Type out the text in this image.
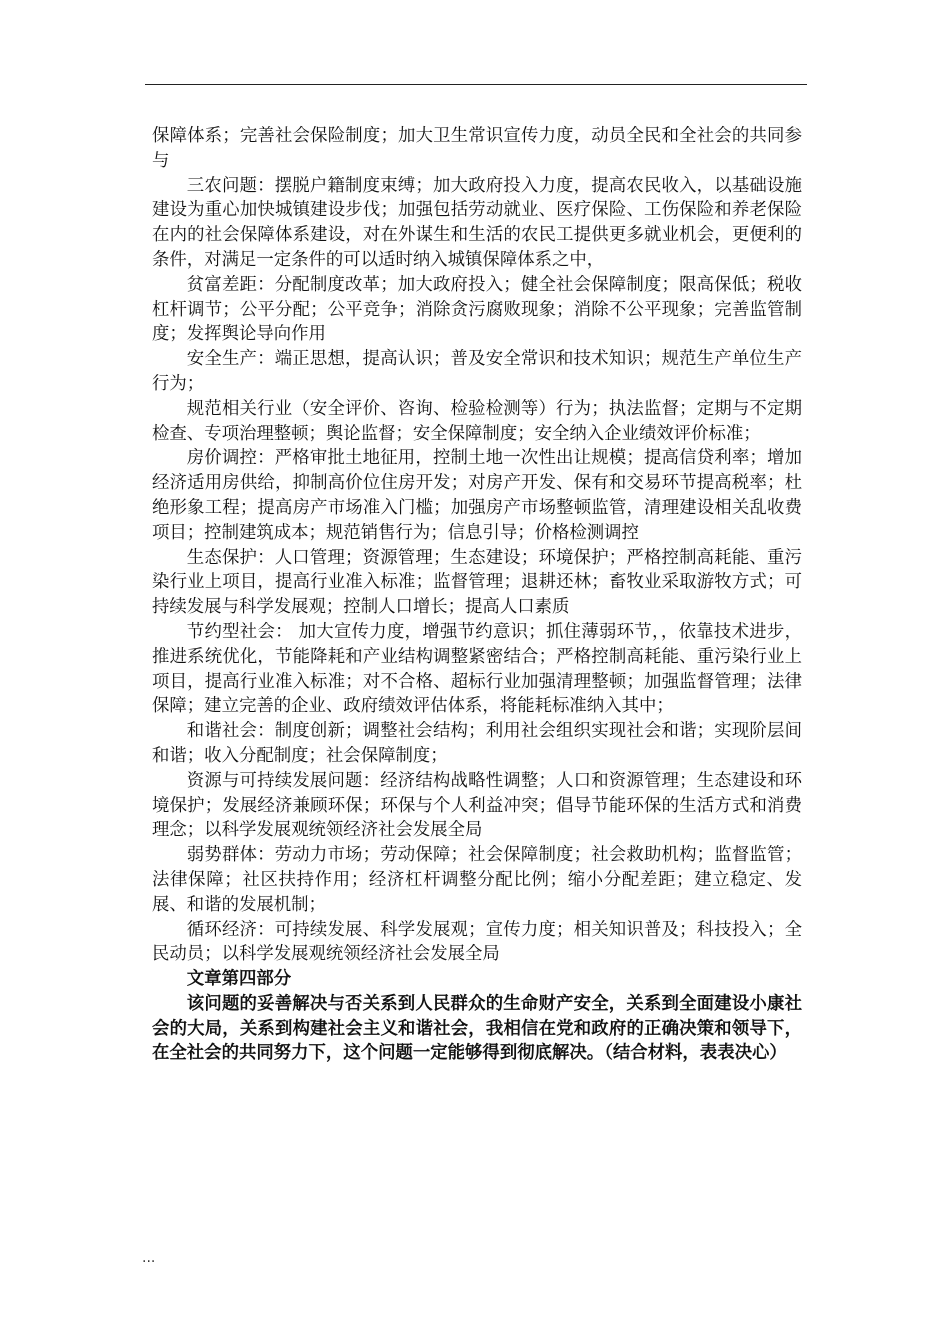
保障体系；完善社会保险制度；加大卫生常识宣传力度，动员全民和全社会的共同参与

三农问题：摆脱户籍制度束缚；加大政府投入力度，提高农民收入，以基础设施建设为重心加快城镇建设步伐；加强包括劳动就业、医疗保险、工伤保险和养老保险在内的社会保障体系建设，对在外谋生和生活的农民工提供更多就业机会，更便利的条件，对满足一定条件的可以适时纳入城镇保障体系之中，

贫富差距：分配制度改革；加大政府投入；健全社会保障制度；限高保低；税收杠杆调节；公平分配；公平竞争；消除贪污腐败现象；消除不公平现象；完善监管制度；发挥舆论导向作用

安全生产：端正思想，提高认识；普及安全常识和技术知识；规范生产单位生产行为；

规范相关行业（安全评价、咨询、检验检测等）行为；执法监督；定期与不定期检查、专项治理整顿；舆论监督；安全保障制度；安全纳入企业绩效评价标准；

房价调控：严格审批土地征用，控制土地一次性出让规模；提高信贷利率；增加经济适用房供给，抑制高价位住房开发；对房产开发、保有和交易环节提高税率；杜绝形象工程；提高房产市场准入门槛；加强房产市场整顿监管，清理建设相关乱收费项目；控制建筑成本；规范销售行为；信息引导；价格检测调控

生态保护：人口管理；资源管理；生态建设；环境保护；严格控制高耗能、重污染行业上项目，提高行业准入标准；监督管理；退耕还林；畜牧业采取游牧方式；可持续发展与科学发展观；控制人口增长；提高人口素质

节约型社会： 加大宣传力度，增强节约意识；抓住薄弱环节，，依靠技术进步，推进系统优化，节能降耗和产业结构调整紧密结合；严格控制高耗能、重污染行业上项目，提高行业准入标准；对不合格、超标行业加强清理整顿；加强监督管理；法律保障；建立完善的企业、政府绩效评估体系，将能耗标准纳入其中；

和谐社会：制度创新；调整社会结构；利用社会组织实现社会和谐；实现阶层间和谐；收入分配制度；社会保障制度；

资源与可持续发展问题：经济结构战略性调整；人口和资源管理；生态建设和环境保护；发展经济兼顾环保；环保与个人利益冲突；倡导节能环保的生活方式和消费理念；以科学发展观统领经济社会发展全局

弱势群体：劳动力市场；劳动保障；社会保障制度；社会救助机构；监督监管；法律保障；社区扶持作用；经济杠杆调整分配比例；缩小分配差距；建立稳定、发展、和谐的发展机制；

循环经济：可持续发展、科学发展观；宣传力度；相关知识普及；科技投入；全民动员；以科学发展观统领经济社会发展全局

文章第四部分

该问题的妥善解决与否关系到人民群众的生命财产安全，关系到全面建设小康社会的大局，关系到构建社会主义和谐社会，我相信在党和政府的正确决策和领导下，在全社会的共同努力下，这个问题一定能够得到彻底解决。（结合材料，表表决心）

...
